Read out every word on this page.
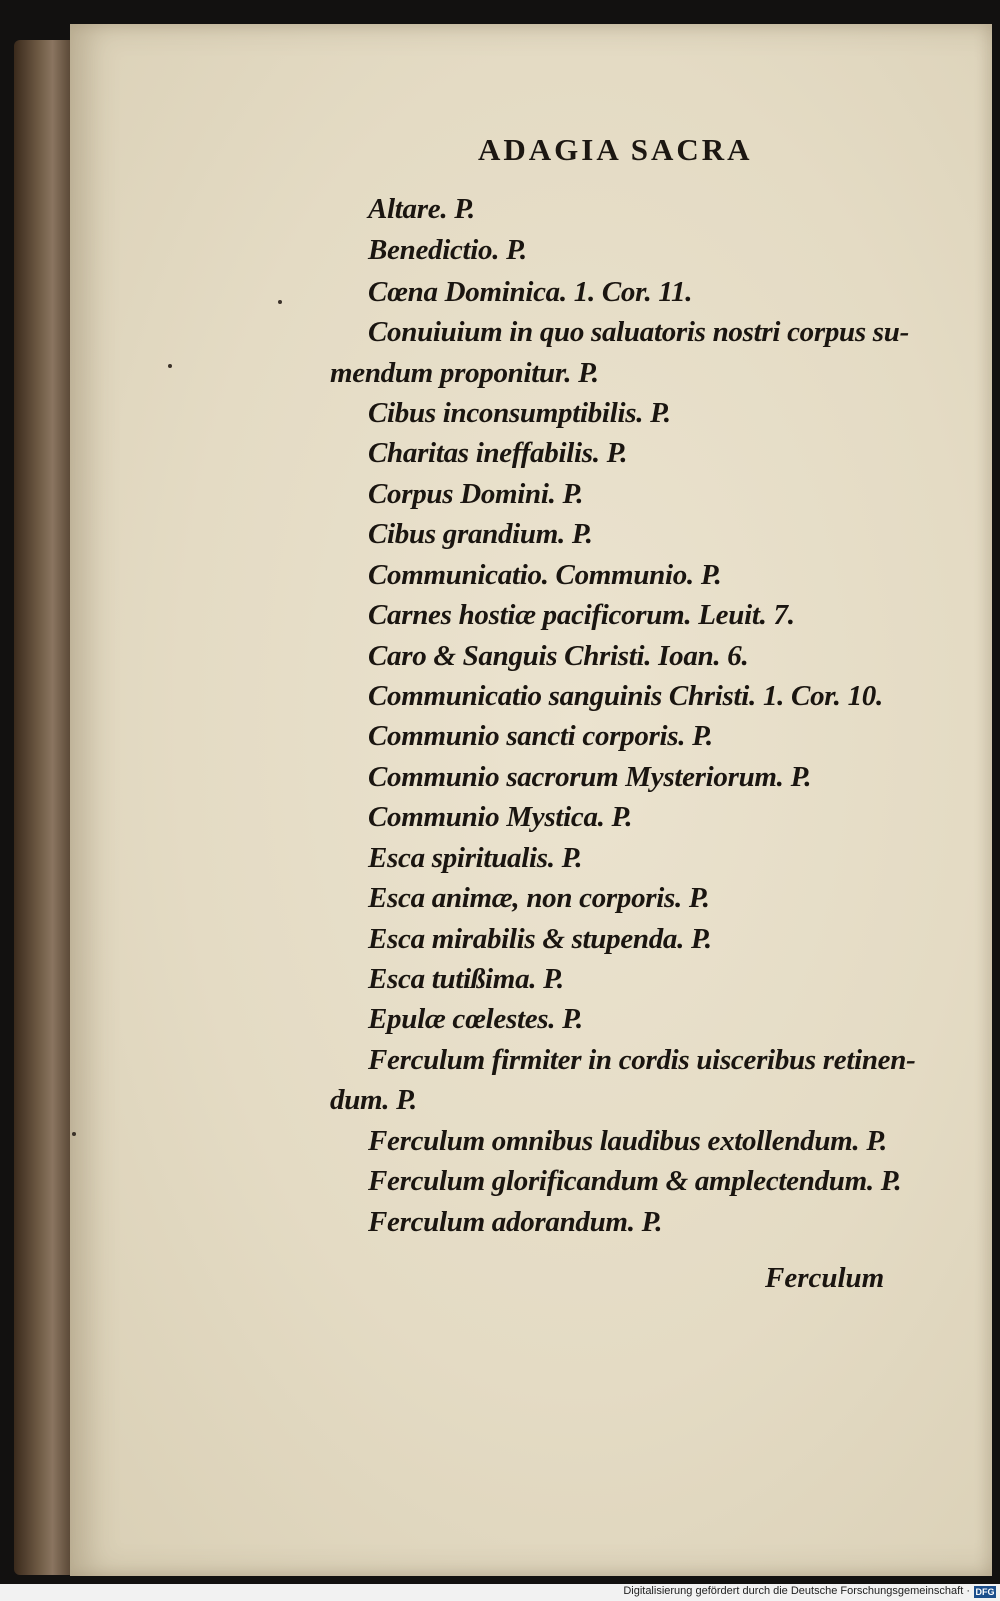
ADAGIA SACRA
Altare. P.
Benedictio. P.
Cœna Dominica. 1. Cor. 11.
Conuiuium in quo saluatoris nostri corpus su-
mendum proponitur. P.
Cibus inconsumptibilis. P.
Charitas ineffabilis. P.
Corpus Domini. P.
Cibus grandium. P.
Communicatio. Communio. P.
Carnes hostiæ pacificorum. Leuit. 7.
Caro & Sanguis Christi. Ioan. 6.
Communicatio sanguinis Christi. 1. Cor. 10.
Communio sancti corporis. P.
Communio sacrorum Mysteriorum. P.
Communio Mystica. P.
Esca spiritualis. P.
Esca animæ, non corporis. P.
Esca mirabilis & stupenda. P.
Esca tutißima. P.
Epulæ cœlestes. P.
Ferculum firmiter in cordis uisceribus retinen-
dum. P.
Ferculum omnibus laudibus extollendum. P.
Ferculum glorificandum & amplectendum. P.
Ferculum adorandum. P.
Ferculum
Digitalisierung gefördert durch die Deutsche Forschungsgemeinschaft · DFG
